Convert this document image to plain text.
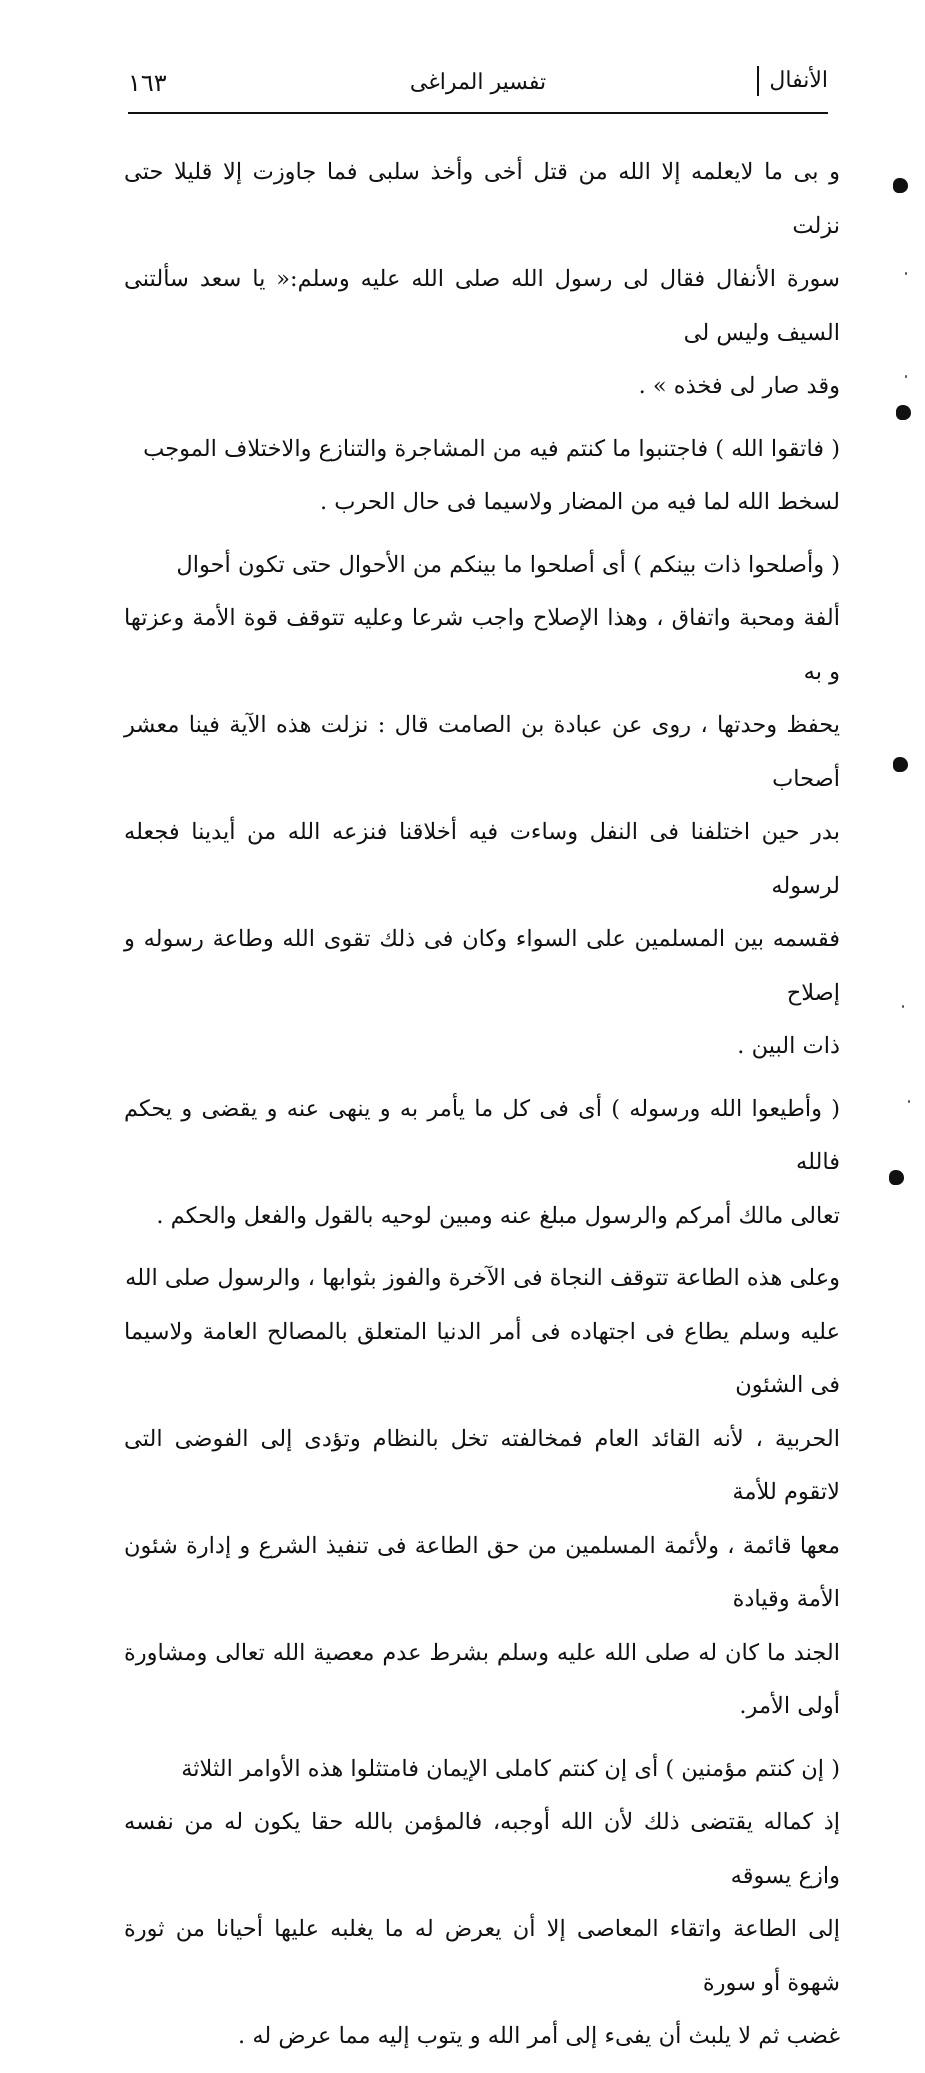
الأنفال
تفسير المراغى
١٦٣

و بى ما لايعلمه إلا الله من قتل أخى وأخذ سلبى فما جاوزت إلا قليلا حتى نزلت
سورة الأنفال فقال لى رسول الله صلى الله عليه وسلم:« يا سعد سألتنى السيف وليس لى
وقد صار لى فخذه » .

( فاتقوا الله ) فاجتنبوا ما كنتم فيه من المشاجرة والتنازع والاختلاف الموجب
لسخط الله لما فيه من المضار ولاسيما فى حال الحرب .

( وأصلحوا ذات بينكم ) أى أصلحوا ما بينكم من الأحوال حتى تكون أحوال
ألفة ومحبة واتفاق ، وهذا الإصلاح واجب شرعا وعليه تتوقف قوة الأمة وعزتها و به
يحفظ وحدتها ، روى عن عبادة بن الصامت قال : نزلت هذه الآية فينا معشر أصحاب
بدر حين اختلفنا فى النفل وساءت فيه أخلاقنا فنزعه الله من أيدينا فجعله لرسوله
فقسمه بين المسلمين على السواء وكان فى ذلك تقوى الله وطاعة رسوله و إصلاح
ذات البين .

( وأطيعوا الله ورسوله ) أى فى كل ما يأمر به و ينهى عنه و يقضى و يحكم فالله
تعالى مالك أمركم والرسول مبلغ عنه ومبين لوحيه بالقول والفعل والحكم .

وعلى هذه الطاعة تتوقف النجاة فى الآخرة والفوز بثوابها ، والرسول صلى الله
عليه وسلم يطاع فى اجتهاده فى أمر الدنيا المتعلق بالمصالح العامة ولاسيما فى الشئون
الحربية ، لأنه القائد العام فمخالفته تخل بالنظام وتؤدى إلى الفوضى التى لاتقوم للأمة
معها قائمة ، ولأئمة المسلمين من حق الطاعة فى تنفيذ الشرع و إدارة شئون الأمة وقيادة
الجند ما كان له صلى الله عليه وسلم بشرط عدم معصية الله تعالى ومشاورة أولى الأمر.

( إن كنتم مؤمنين ) أى إن كنتم كاملى الإيمان فامتثلوا هذه الأوامر الثلاثة
إذ كماله يقتضى ذلك لأن الله أوجبه، فالمؤمن بالله حقا يكون له من نفسه وازع يسوقه
إلى الطاعة واتقاء المعاصى إلا أن يعرض له ما يغلبه عليها أحيانا من ثورة شهوة أو سورة
غضب ثم لا يلبث أن يفىء إلى أمر الله و يتوب إليه مما عرض له .
